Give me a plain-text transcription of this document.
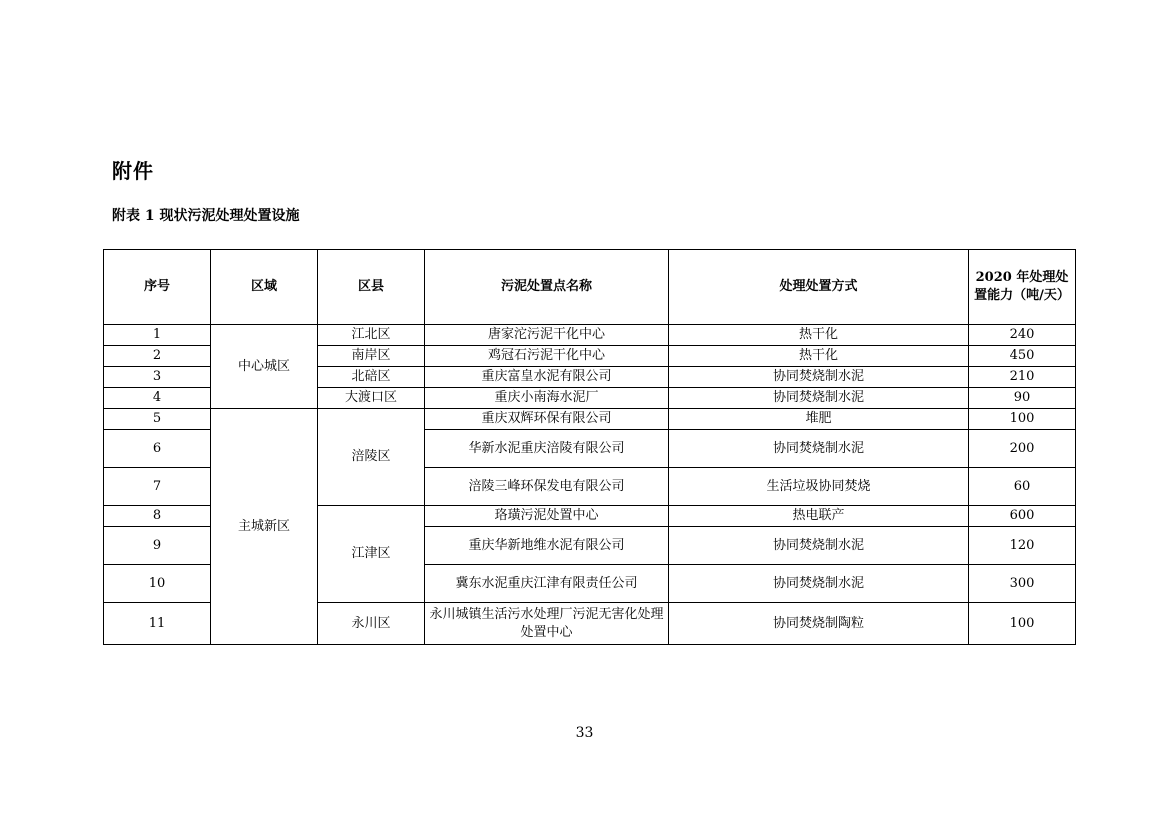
附件
附表 1 现状污泥处理处置设施
序号	区域	区县	污泥处置点名称	处理处置方式	2020 年处理处置能力（吨/天）
1	中心城区	江北区	唐家沱污泥干化中心	热干化	240
2		南岸区	鸡冠石污泥干化中心	热干化	450
3		北碚区	重庆富皇水泥有限公司	协同焚烧制水泥	210
4		大渡口区	重庆小南海水泥厂	协同焚烧制水泥	90
5	主城新区	涪陵区	重庆双辉环保有限公司	堆肥	100
6			华新水泥重庆涪陵有限公司	协同焚烧制水泥	200
7			涪陵三峰环保发电有限公司	生活垃圾协同焚烧	60
8		江津区	珞璜污泥处置中心	热电联产	600
9			重庆华新地维水泥有限公司	协同焚烧制水泥	120
10			冀东水泥重庆江津有限责任公司	协同焚烧制水泥	300
11		永川区	永川城镇生活污水处理厂污泥无害化处理处置中心	协同焚烧制陶粒	100
33
